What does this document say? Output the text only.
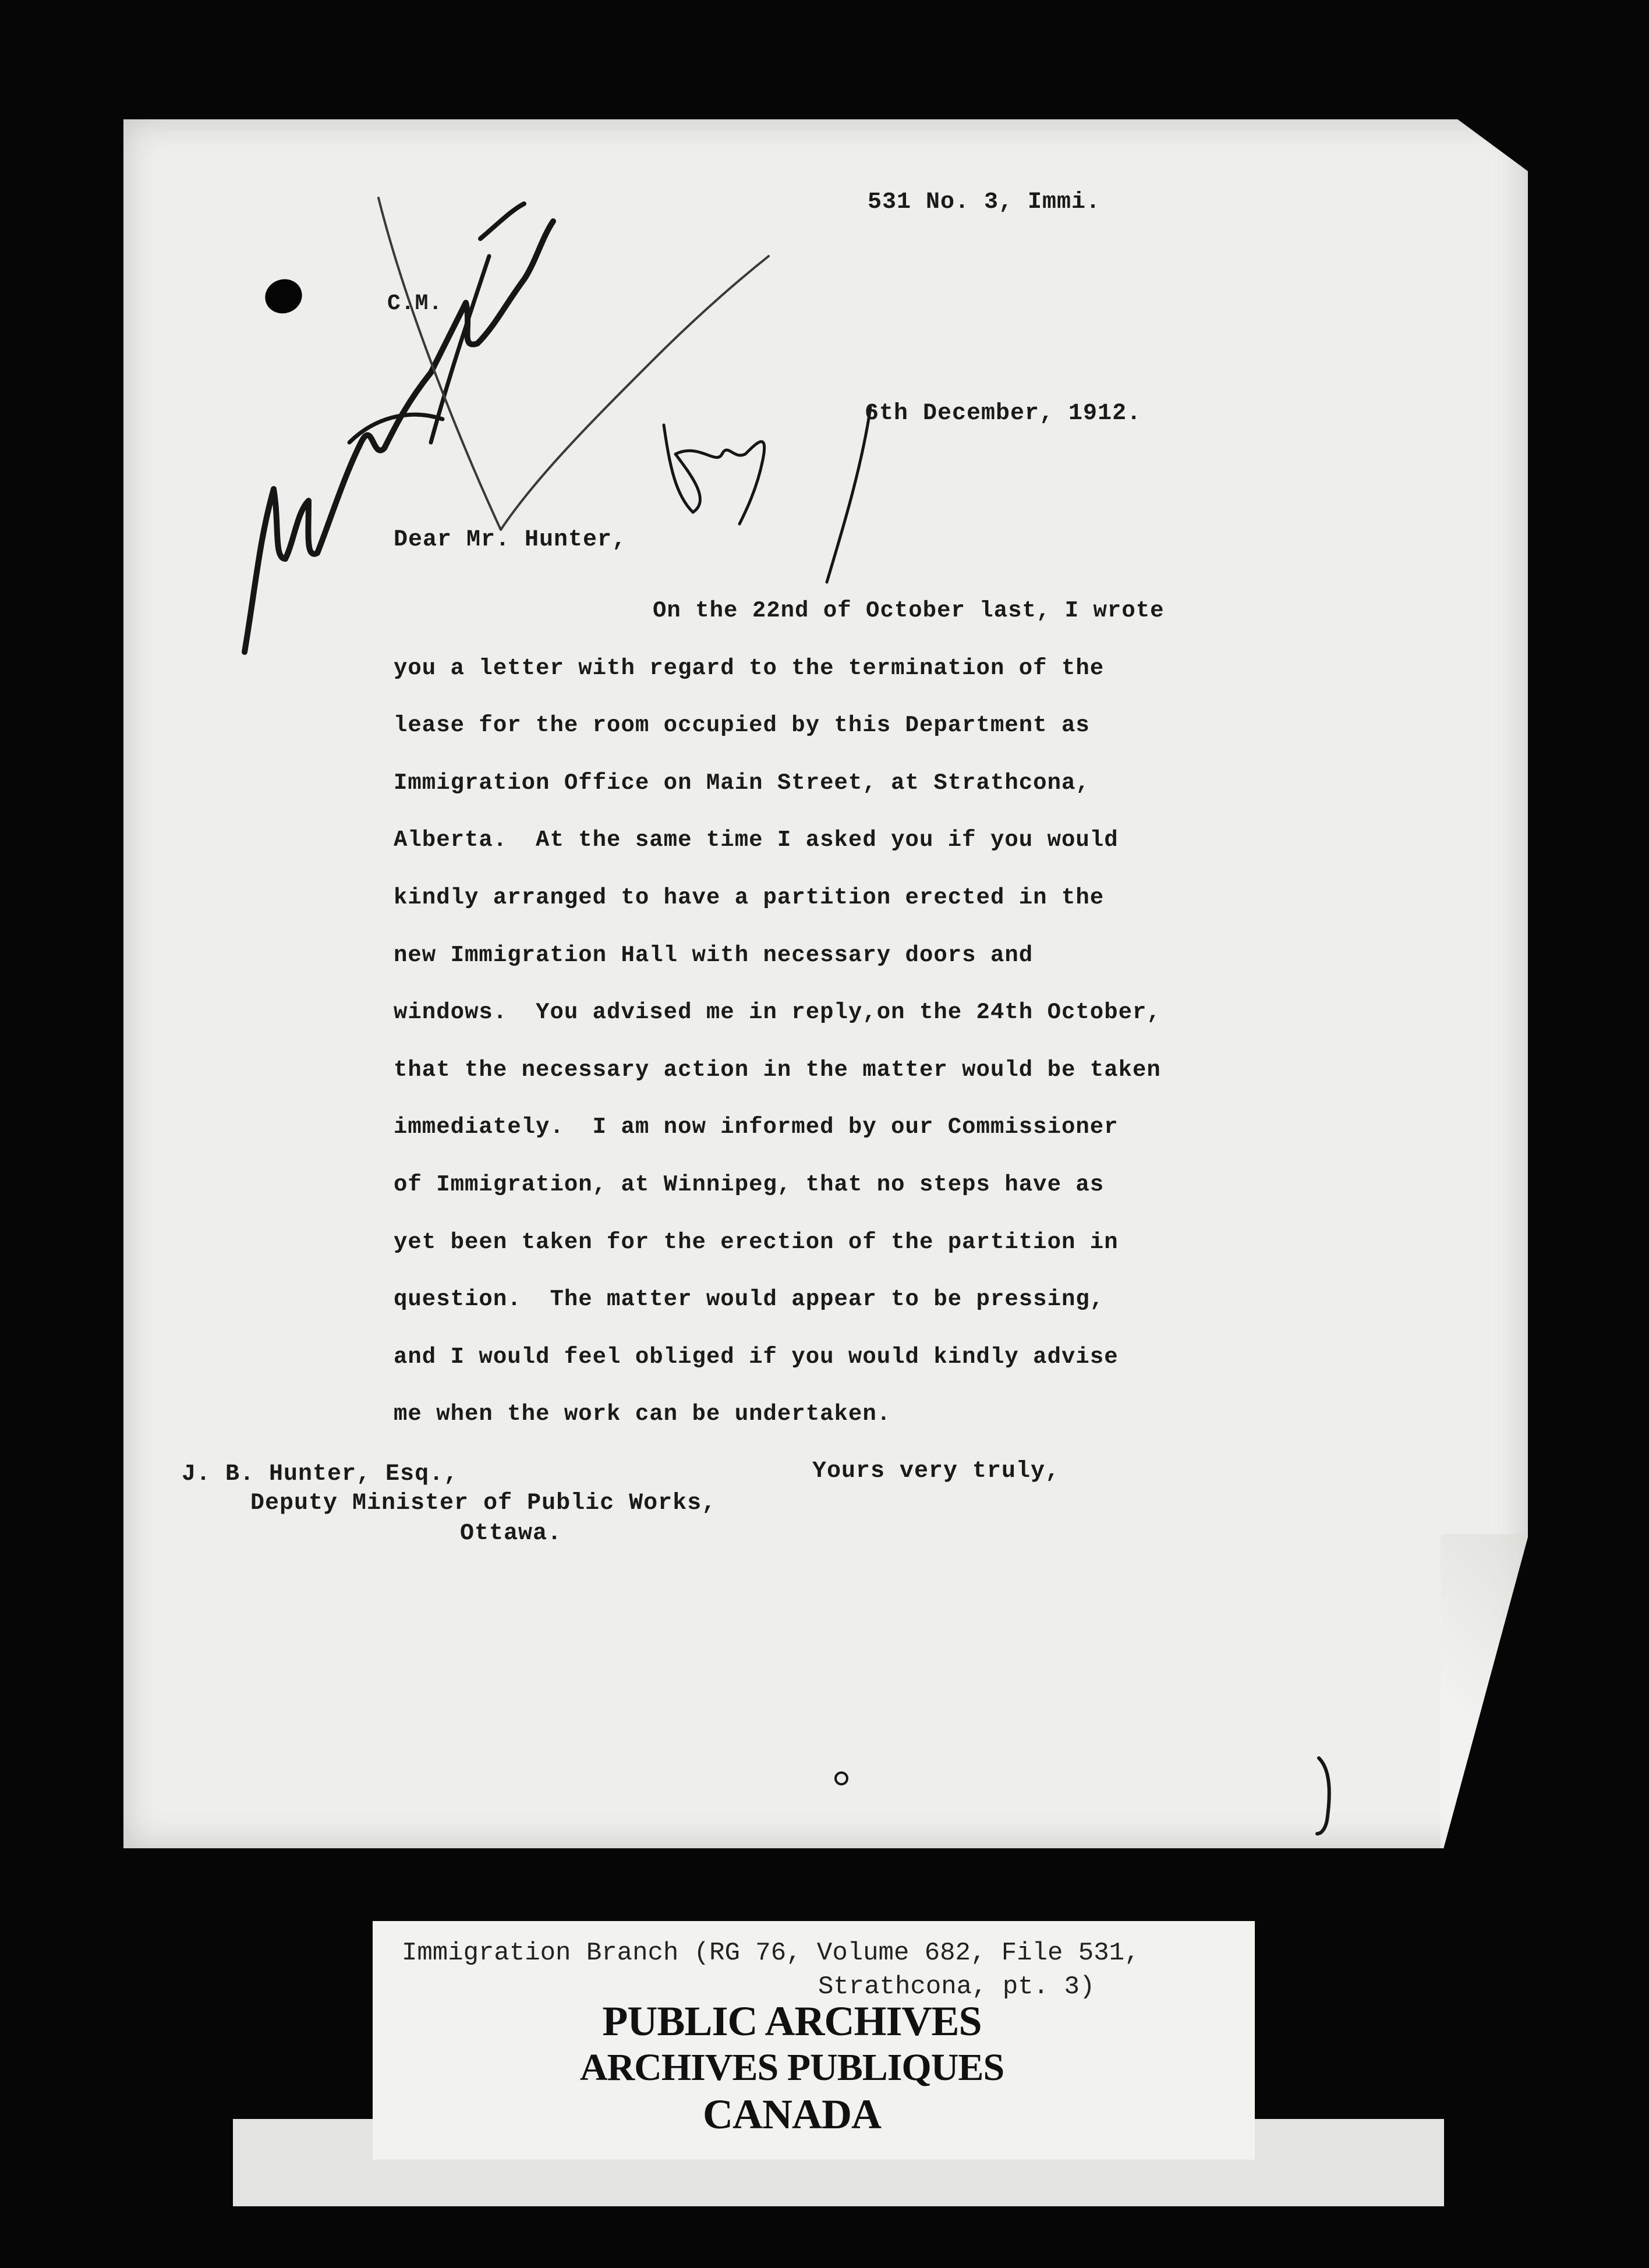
531 No. 3, Immi.
C.M.
6th December, 1912.
Dear Mr. Hunter,
On the 22nd of October last, I wrote
you a letter with regard to the termination of the
lease for the room occupied by this Department as
Immigration Office on Main Street, at Strathcona,
Alberta.  At the same time I asked you if you would
kindly arranged to have a partition erected in the
new Immigration Hall with necessary doors and
windows.  You advised me in reply,on the 24th October,
that the necessary action in the matter would be taken
immediately.  I am now informed by our Commissioner
of Immigration, at Winnipeg, that no steps have as
yet been taken for the erection of the partition in
question.  The matter would appear to be pressing,
and I would feel obliged if you would kindly advise
me when the work can be undertaken.
Yours very truly,
J. B. Hunter, Esq.,
Deputy Minister of Public Works,
Ottawa.
Immigration Branch (RG 76, Volume 682, File 531,
Strathcona, pt. 3)
PUBLIC ARCHIVES
ARCHIVES PUBLIQUES
CANADA
